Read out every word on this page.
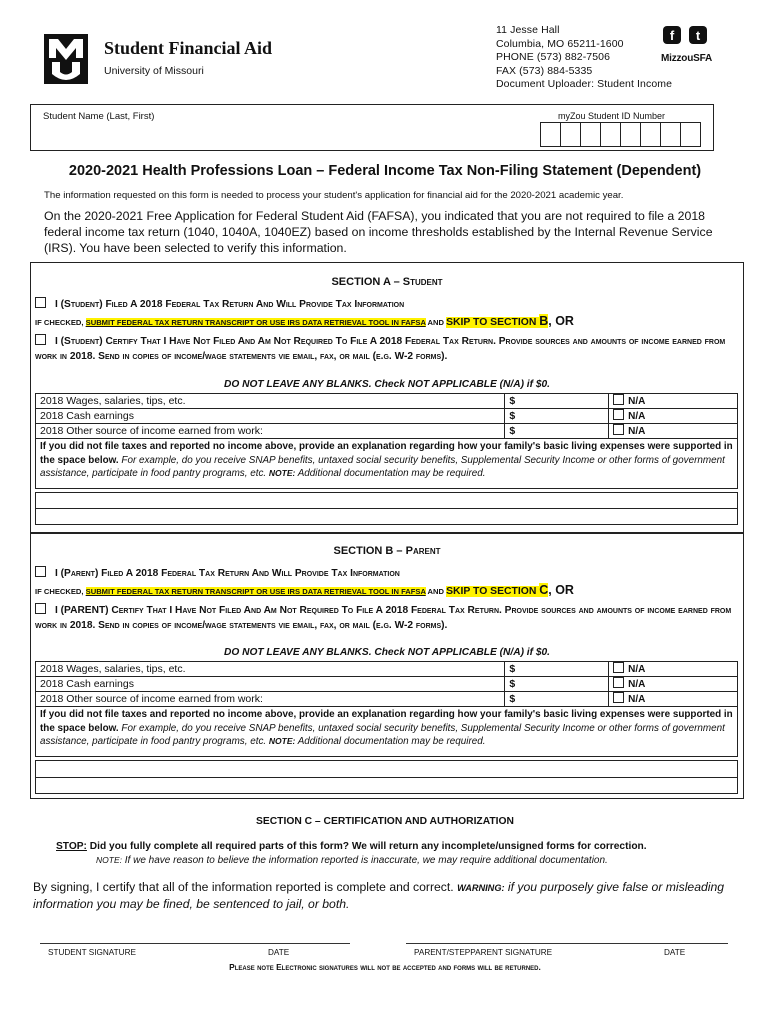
Student Financial Aid
University of Missouri
11 Jesse Hall
Columbia, MO 65211-1600
PHONE (573) 882-7506
FAX (573) 884-5335
Document Uploader: Student Income
f	t
MizzouSFA
Student Name (Last, First)	myZou Student ID Number
2020-2021 Health Professions Loan – Federal Income Tax Non-Filing Statement (Dependent)
The information requested on this form is needed to process your student's application for financial aid for the 2020-2021 academic year.
On the 2020-2021 Free Application for Federal Student Aid (FAFSA), you indicated that you are not required to file a 2018 federal income tax return (1040, 1040A, 1040EZ) based on income thresholds established by the Internal Revenue Service (IRS). You have been selected to verify this information.
SECTION A – Student
I (Student) Filed A 2018 Federal Tax Return And Will Provide Tax Information
IF CHECKED, SUBMIT FEDERAL TAX RETURN TRANSCRIPT OR USE IRS DATA RETRIEVAL TOOL IN FAFSA AND SKIP TO SECTION B, OR
I (Student) Certify That I Have Not Filed And Am Not Required To File A 2018 Federal Tax Return. Provide sources and amounts of income earned from work in 2018. Send in copies of income/wage statements vie email, fax, or mail (e.g. W-2 forms).
DO NOT LEAVE ANY BLANKS. Check NOT APPLICABLE (N/A) if $0.
2018 Wages, salaries, tips, etc.	$	N/A
2018 Cash earnings	$	N/A
2018 Other source of income earned from work:	$	N/A
If you did not file taxes and reported no income above, provide an explanation regarding how your family's basic living expenses were supported in the space below. For example, do you receive SNAP benefits, untaxed social security benefits, Supplemental Security Income or other forms of government assistance, participate in food pantry programs, etc. NOTE: Additional documentation may be required.
SECTION B – Parent
I (Parent) Filed A 2018 Federal Tax Return And Will Provide Tax Information
IF CHECKED, SUBMIT FEDERAL TAX RETURN TRANSCRIPT OR USE IRS DATA RETRIEVAL TOOL IN FAFSA AND SKIP TO SECTION C, OR
I (PARENT) Certify That I Have Not Filed And Am Not Required To File A 2018 Federal Tax Return. Provide sources and amounts of income earned from work in 2018. Send in copies of income/wage statements vie email, fax, or mail (e.g. W-2 forms).
DO NOT LEAVE ANY BLANKS. Check NOT APPLICABLE (N/A) if $0.
2018 Wages, salaries, tips, etc.	$	N/A
2018 Cash earnings	$	N/A
2018 Other source of income earned from work:	$	N/A
If you did not file taxes and reported no income above, provide an explanation regarding how your family's basic living expenses were supported in the space below. For example, do you receive SNAP benefits, untaxed social security benefits, Supplemental Security Income or other forms of government assistance, participate in food pantry programs, etc. NOTE: Additional documentation may be required.
SECTION C – CERTIFICATION AND AUTHORIZATION
STOP: Did you fully complete all required parts of this form? We will return any incomplete/unsigned forms for correction.
NOTE: If we have reason to believe the information reported is inaccurate, we may require additional documentation.
By signing, I certify that all of the information reported is complete and correct. WARNING: if you purposely give false or misleading information you may be fined, be sentenced to jail, or both.
STUDENT SIGNATURE	DATE	PARENT/STEPPARENT SIGNATURE	DATE
Please note Electronic signatures will not be accepted and forms will be returned.
